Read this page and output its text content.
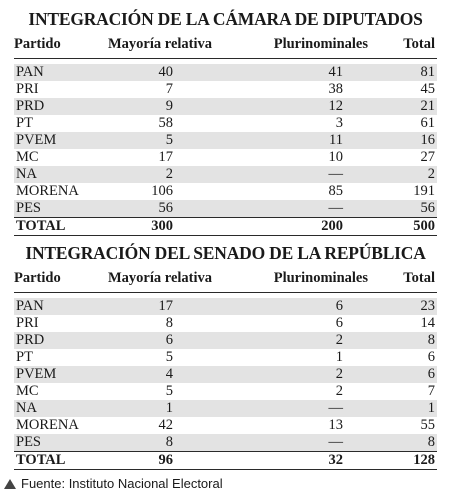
INTEGRACIÓN DE LA CÁMARA DE DIPUTADOS
Partido	Mayoría relativa	Plurinominales	Total
PAN	40	41	81
PRI	7	38	45
PRD	9	12	21
PT	58	3	61
PVEM	5	11	16
MC	17	10	27
NA	2	—	2
MORENA	106	85	191
PES	56	—	56
TOTAL	300	200	500
INTEGRACIÓN DEL SENADO DE LA REPÚBLICA
Partido	Mayoría relativa	Plurinominales	Total
PAN	17	6	23
PRI	8	6	14
PRD	6	2	8
PT	5	1	6
PVEM	4	2	6
MC	5	2	7
NA	1	—	1
MORENA	42	13	55
PES	8	—	8
TOTAL	96	32	128
Fuente: Instituto Nacional Electoral
